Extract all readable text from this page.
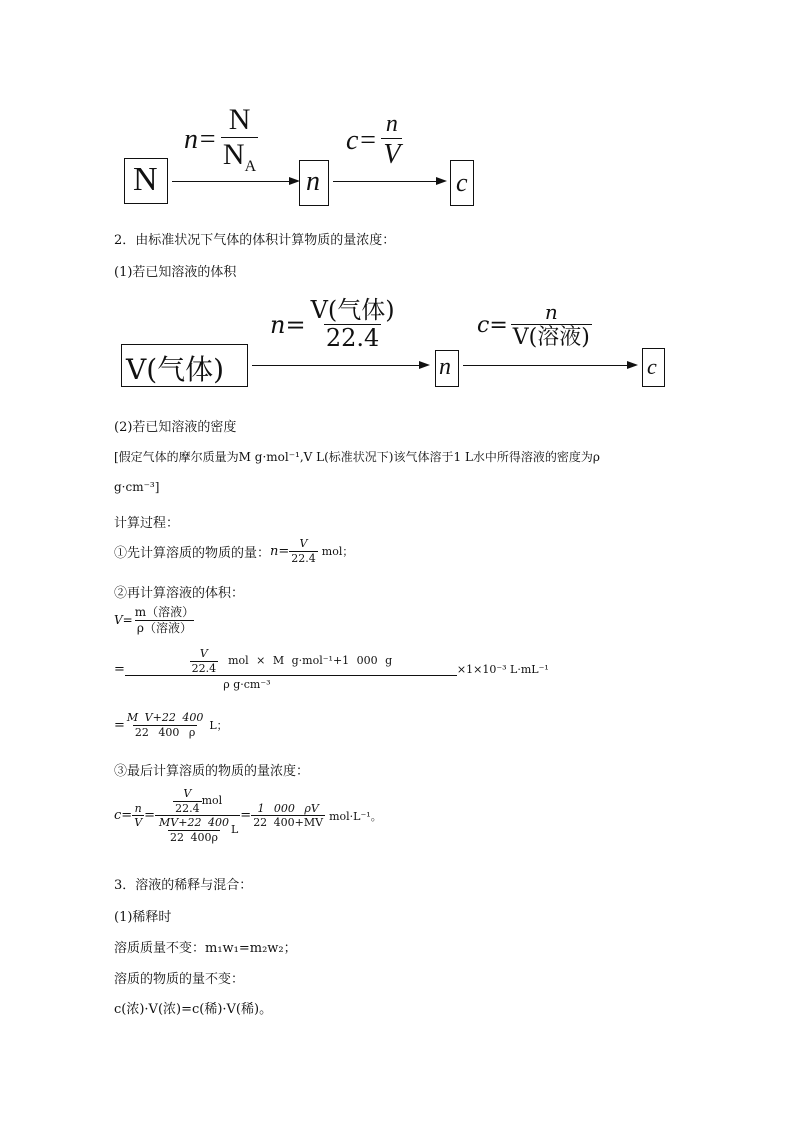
N
$n= \frac{N}{N_A}$
n
$c= \frac{n}{V}$
c
2．由标准状况下气体的体积计算物质的量浓度：
(1)若已知溶液的体积
V(气体)
$n= \frac{\text{V(气体)}}{22.4}$
n
$c= \frac{n}{\text{V(溶液)}}$
c
(2)若已知溶液的密度
[假定气体的摩尔质量为M g·mol⁻¹,V L(标准状况下)该气体溶于1 L水中所得溶液的密度为ρ
g·cm⁻³]
计算过程：
①先计算溶质的物质的量： $n= \frac{V}{22.4}$ mol；
②再计算溶液的体积：
$V= \frac{\text{m（溶液）}}{\text{ρ（溶液）}}$
= $\frac{\frac{V}{22.4} mol \times M g\cdot mol^{-1}+1 000 g}{\text{ρ g·cm⁻³}} \times 1\times 10^{-3}$ L·mL⁻¹
= $\frac{\text{M V+22 400}}{22 400 \rho}$ L；
③最后计算溶质的物质的量浓度：
$c= \frac{n}{V} = \frac{\frac{V}{22.4} mol}{\frac{MV+22 400}{22 400\rho} L} = \frac{1 000 \rho V}{22 400+MV} mol\cdot L^{-1}$。
3．溶液的稀释与混合：
(1)稀释时
溶质质量不变：m₁w₁=m₂w₂；
溶质的物质的量不变：
c(浓)·V(浓)=c(稀)·V(稀)。
